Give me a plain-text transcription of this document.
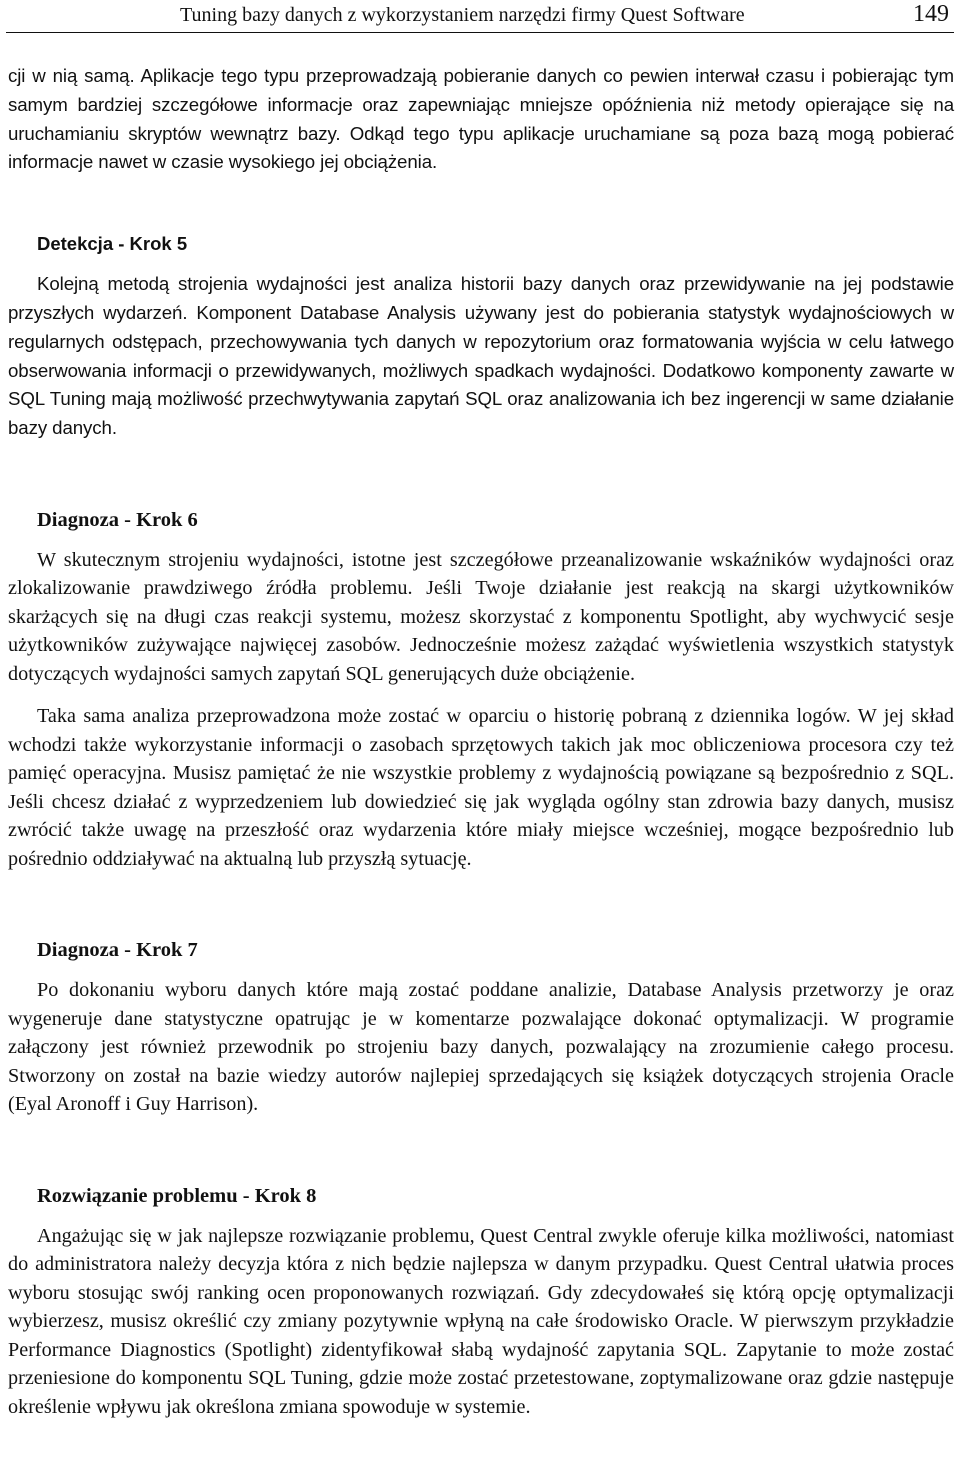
Tuning bazy danych z wykorzystaniem narzędzi firmy Quest Software	149

cji w nią samą. Aplikacje tego typu przeprowadzają pobieranie danych co pewien interwał czasu i pobierając tym samym bardziej szczegółowe informacje oraz zapewniając mniejsze opóźnienia niż metody opierające się na uruchamianiu skryptów wewnątrz bazy. Odkąd tego typu aplikacje uruchamiane są poza bazą mogą pobierać informacje nawet w czasie wysokiego jej obciążenia.

Detekcja - Krok 5

Kolejną metodą strojenia wydajności jest analiza historii bazy danych oraz przewidywanie na jej podstawie przyszłych wydarzeń. Komponent Database Analysis używany jest do pobierania statystyk wydajnościowych w regularnych odstępach, przechowywania tych danych w repozytorium oraz formatowania wyjścia w celu łatwego obserwowania informacji o przewidywanych, możliwych spadkach wydajności. Dodatkowo komponenty zawarte w SQL Tuning mają możliwość przechwytywania zapytań SQL oraz analizowania ich bez ingerencji w same działanie bazy danych.

Diagnoza - Krok 6

W skutecznym strojeniu wydajności, istotne jest szczegółowe przeanalizowanie wskaźników wydajności oraz zlokalizowanie prawdziwego źródła problemu. Jeśli Twoje działanie jest reakcją na skargi użytkowników skarżących się na długi czas reakcji systemu, możesz skorzystać z komponentu Spotlight, aby wychwycić sesje użytkowników zużywające najwięcej zasobów. Jednocześnie możesz zażądać wyświetlenia wszystkich statystyk dotyczących wydajności samych zapytań SQL generujących duże obciążenie.

Taka sama analiza przeprowadzona może zostać w oparciu o historię pobraną z dziennika logów. W jej skład wchodzi także wykorzystanie informacji o zasobach sprzętowych takich jak moc obliczeniowa procesora czy też pamięć operacyjna. Musisz pamiętać że nie wszystkie problemy z wydajnością powiązane są bezpośrednio z SQL. Jeśli chcesz działać z wyprzedzeniem lub dowiedzieć się jak wygląda ogólny stan zdrowia bazy danych, musisz zwrócić także uwagę na przeszłość oraz wydarzenia które miały miejsce wcześniej, mogące bezpośrednio lub pośrednio oddziaływać na aktualną lub przyszłą sytuację.

Diagnoza - Krok 7

Po dokonaniu wyboru danych które mają zostać poddane analizie, Database Analysis przetworzy je oraz wygeneruje dane statystyczne opatrując je w komentarze pozwalające dokonać optymalizacji. W programie załączony jest również przewodnik po strojeniu bazy danych, pozwalający na zrozumienie całego procesu. Stworzony on został na bazie wiedzy autorów najlepiej sprzedających się książek dotyczących strojenia Oracle (Eyal Aronoff i Guy Harrison).

Rozwiązanie problemu - Krok 8

Angażując się w jak najlepsze rozwiązanie problemu, Quest Central zwykle oferuje kilka możliwości, natomiast do administratora należy decyzja która z nich będzie najlepsza w danym przypadku. Quest Central ułatwia proces wyboru stosując swój ranking ocen proponowanych rozwiązań. Gdy zdecydowałeś się którą opcję optymalizacji wybierzesz, musisz określić czy zmiany pozytywnie wpłyną na całe środowisko Oracle. W pierwszym przykładzie Performance Diagnostics (Spotlight) zidentyfikował słabą wydajność zapytania SQL. Zapytanie to może zostać przeniesione do komponentu SQL Tuning, gdzie może zostać przetestowane, zoptymalizowane oraz gdzie następuje określenie wpływu jak określona zmiana spowoduje w systemie.
